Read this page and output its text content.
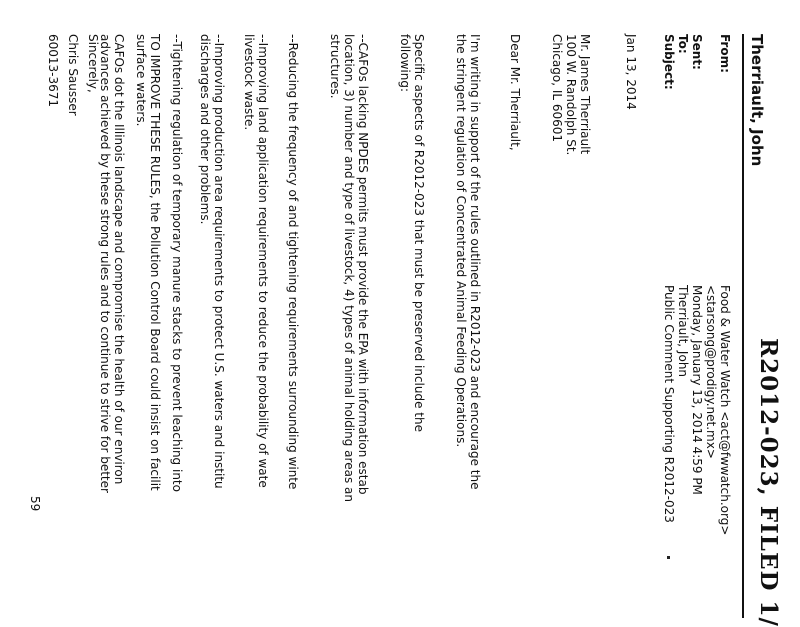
R2012-023, FILED 1/
Therriault, John
From:
Food & Water Watch <act@fwwatch.org>
<starsong@prodigy.net.mx>
Sent:
Monday, January 13, 2014 4:59 PM
To:
Therriault, John
Subject:
Public Comment Supporting R2012-023
Jan 13, 2014
Mr. James Therriault
100 W. Randolph St.
Chicago, IL 60601
Dear Mr. Therriault,
I'm writing in support of the rules outlined in R2012-023 and encourage the
the stringent regulation of Concentrated Animal Feeding Operations.
Specific aspects of R2012-023 that must be preserved include the
following:
--CAFOs lacking NPDES permits must provide the EPA with information estab
location, 3) number and type of livestock, 4) types of animal holding areas an
structures.
--Reducing the frequency of and tightening requirements surrounding winte
--Improving land application requirements to reduce the probability of wate
livestock waste.
--Improving production area requirements to protect U.S. waters and institu
discharges and other problems.
--Tightening regulation of temporary manure stacks to prevent leaching into
TO IMPROVE THESE RULES, the Pollution Control Board could insist on facilit
surface waters.
CAFOs dot the Illinois landscape and compromise the health of our environ
advances achieved by these strong rules and to continue to strive for better
Sincerely,
Chris Sausser
60013-3671
59
